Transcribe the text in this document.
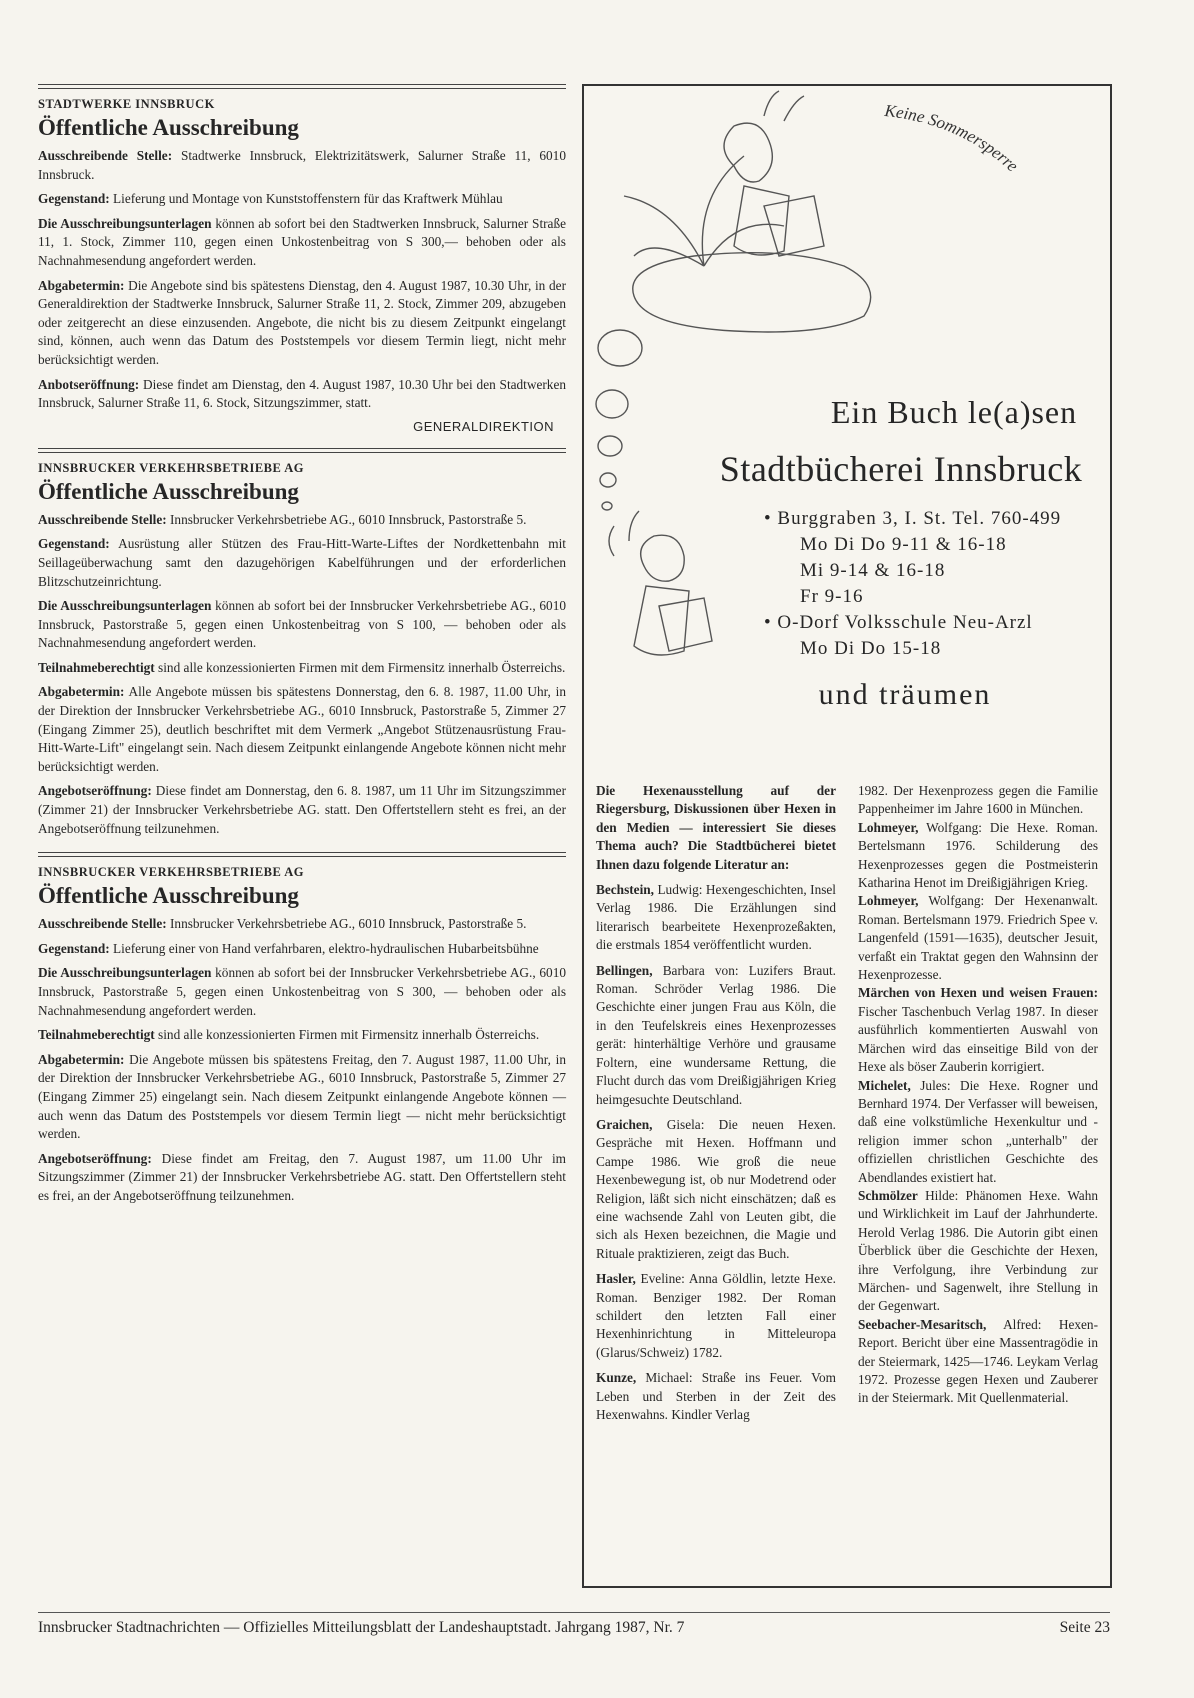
STADTWERKE INNSBRUCK
Öffentliche Ausschreibung

Ausschreibende Stelle: Stadtwerke Innsbruck, Elektrizitätswerk, Salurner Straße 11, 6010 Innsbruck.

Gegenstand: Lieferung und Montage von Kunststoffenstern für das Kraftwerk Mühlau

Die Ausschreibungsunterlagen können ab sofort bei den Stadtwerken Innsbruck, Salurner Straße 11, 1. Stock, Zimmer 110, gegen einen Unkostenbeitrag von S 300,— behoben oder als Nachnahmesendung angefordert werden.

Abgabetermin: Die Angebote sind bis spätestens Dienstag, den 4. August 1987, 10.30 Uhr, in der Generaldirektion der Stadtwerke Innsbruck, Salurner Straße 11, 2. Stock, Zimmer 209, abzugeben oder zeitgerecht an diese einzusenden. Angebote, die nicht bis zu diesem Zeitpunkt eingelangt sind, können, auch wenn das Datum des Poststempels vor diesem Termin liegt, nicht mehr berücksichtigt werden.

Anbotseröffnung: Diese findet am Dienstag, den 4. August 1987, 10.30 Uhr bei den Stadtwerken Innsbruck, Salurner Straße 11, 6. Stock, Sitzungszimmer, statt.

GENERALDIREKTION
INNSBRUCKER VERKEHRSBETRIEBE AG
Öffentliche Ausschreibung

Ausschreibende Stelle: Innsbrucker Verkehrsbetriebe AG., 6010 Innsbruck, Pastorstraße 5.

Gegenstand: Ausrüstung aller Stützen des Frau-Hitt-Warte-Liftes der Nordkettenbahn mit Seillageüberwachung samt den dazugehörigen Kabelführungen und der erforderlichen Blitzschutzeinrichtung.

Die Ausschreibungsunterlagen können ab sofort bei der Innsbrucker Verkehrsbetriebe AG., 6010 Innsbruck, Pastorstraße 5, gegen einen Unkostenbeitrag von S 100, — behoben oder als Nachnahmesendung angefordert werden.

Teilnahmeberechtigt sind alle konzessionierten Firmen mit dem Firmensitz innerhalb Österreichs.

Abgabetermin: Alle Angebote müssen bis spätestens Donnerstag, den 6. 8. 1987, 11.00 Uhr, in der Direktion der Innsbrucker Verkehrsbetriebe AG., 6010 Innsbruck, Pastorstraße 5, Zimmer 27 (Eingang Zimmer 25), deutlich beschriftet mit dem Vermerk „Angebot Stützenausrüstung Frau-Hitt-Warte-Lift" eingelangt sein. Nach diesem Zeitpunkt einlangende Angebote können nicht mehr berücksichtigt werden.

Angebotseröffnung: Diese findet am Donnerstag, den 6. 8. 1987, um 11 Uhr im Sitzungszimmer (Zimmer 21) der Innsbrucker Verkehrsbetriebe AG. statt. Den Offertstellern steht es frei, an der Angebotseröffnung teilzunehmen.

INNSBRUCKER VERKEHRSBETRIEBE AG
Öffentliche Ausschreibung

Ausschreibende Stelle: Innsbrucker Verkehrsbetriebe AG., 6010 Innsbruck, Pastorstraße 5.

Gegenstand: Lieferung einer von Hand verfahrbaren, elektro-hydraulischen Hubarbeitsbühne

Die Ausschreibungsunterlagen können ab sofort bei der Innsbrucker Verkehrsbetriebe AG., 6010 Innsbruck, Pastorstraße 5, gegen einen Unkostenbeitrag von S 300, — behoben oder als Nachnahmesendung angefordert werden.

Teilnahmeberechtigt sind alle konzessionierten Firmen mit Firmensitz innerhalb Österreichs.

Abgabetermin: Die Angebote müssen bis spätestens Freitag, den 7. August 1987, 11.00 Uhr, in der Direktion der Innsbrucker Verkehrsbetriebe AG., 6010 Innsbruck, Pastorstraße 5, Zimmer 27 (Eingang Zimmer 25) eingelangt sein. Nach diesem Zeitpunkt einlangende Angebote können — auch wenn das Datum des Poststempels vor diesem Termin liegt — nicht mehr berücksichtigt werden.

Angebotseröffnung: Diese findet am Freitag, den 7. August 1987, um 11.00 Uhr im Sitzungszimmer (Zimmer 21) der Innsbrucker Verkehrsbetriebe AG. statt. Den Offertstellern steht es frei, an der Angebotseröffnung teilzunehmen.

Keine Sommersperre
Ein Buch le(a)sen
Stadtbücherei Innsbruck
• Burggraben 3, I. St. Tel. 760-499
Mo Di Do 9-11 & 16-18
Mi 9-14 & 16-18
Fr 9-16
• O-Dorf Volksschule Neu-Arzl
Mo Di Do 15-18
und träumen

Die Hexenausstellung auf der Riegersburg, Diskussionen über Hexen in den Medien — interessiert Sie dieses Thema auch? Die Stadtbücherei bietet Ihnen dazu folgende Literatur an:

Bechstein, Ludwig: Hexengeschichten, Insel Verlag 1986. Die Erzählungen sind literarisch bearbeitete Hexenprozeßakten, die erstmals 1854 veröffentlicht wurden.

Bellingen, Barbara von: Luzifers Braut. Roman. Schröder Verlag 1986. Die Geschichte einer jungen Frau aus Köln, die in den Teufelskreis eines Hexenprozesses gerät: hinterhältige Verhöre und grausame Foltern, eine wundersame Rettung, die Flucht durch das vom Dreißigjährigen Krieg heimgesuchte Deutschland.

Graichen, Gisela: Die neuen Hexen. Gespräche mit Hexen. Hoffmann und Campe 1986. Wie groß die neue Hexenbewegung ist, ob nur Modetrend oder Religion, läßt sich nicht einschätzen; daß es eine wachsende Zahl von Leuten gibt, die sich als Hexen bezeichnen, die Magie und Rituale praktizieren, zeigt das Buch.

Hasler, Eveline: Anna Göldlin, letzte Hexe. Roman. Benziger 1982. Der Roman schildert den letzten Fall einer Hexenhinrichtung in Mitteleuropa (Glarus/Schweiz) 1782.

Kunze, Michael: Straße ins Feuer. Vom Leben und Sterben in der Zeit des Hexenwahns. Kindler Verlag

1982. Der Hexenprozess gegen die Familie Pappenheimer im Jahre 1600 in München.

Lohmeyer, Wolfgang: Die Hexe. Roman. Bertelsmann 1976. Schilderung des Hexenprozesses gegen die Postmeisterin Katharina Henot im Dreißigjährigen Krieg.

Lohmeyer, Wolfgang: Der Hexenanwalt. Roman. Bertelsmann 1979. Friedrich Spee v. Langenfeld (1591—1635), deutscher Jesuit, verfaßt ein Traktat gegen den Wahnsinn der Hexenprozesse.

Märchen von Hexen und weisen Frauen: Fischer Taschenbuch Verlag 1987. In dieser ausführlich kommentierten Auswahl von Märchen wird das einseitige Bild von der Hexe als böser Zauberin korrigiert.

Michelet, Jules: Die Hexe. Rogner und Bernhard 1974. Der Verfasser will beweisen, daß eine volkstümliche Hexenkultur und -religion immer schon „unterhalb" der offiziellen christlichen Geschichte des Abendlandes existiert hat.

Schmölzer Hilde: Phänomen Hexe. Wahn und Wirklichkeit im Lauf der Jahrhunderte. Herold Verlag 1986. Die Autorin gibt einen Überblick über die Geschichte der Hexen, ihre Verfolgung, ihre Verbindung zur Märchen- und Sagenwelt, ihre Stellung in der Gegenwart.

Seebacher-Mesaritsch, Alfred: Hexen-Report. Bericht über eine Massentragödie in der Steiermark, 1425—1746. Leykam Verlag 1972. Prozesse gegen Hexen und Zauberer in der Steiermark. Mit Quellenmaterial.

Innsbrucker Stadtnachrichten — Offizielles Mitteilungsblatt der Landeshauptstadt. Jahrgang 1987, Nr. 7	Seite 23
